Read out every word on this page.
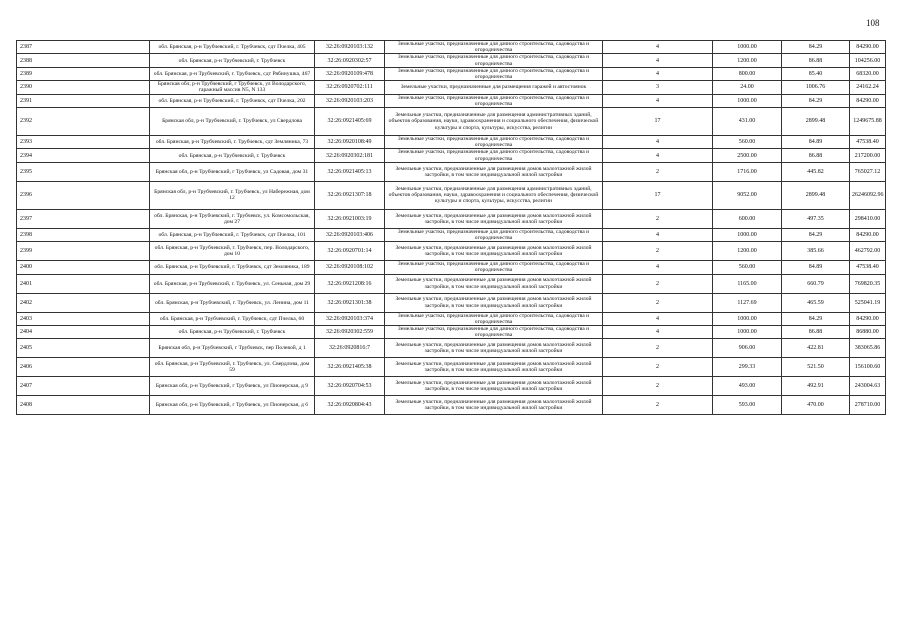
108
2387	обл. Брянская, р-н Трубчевский, г. Трубчевск, сдт Пчелка, 405	32:26:0920103:132	Земельные участки, предназначенные для дачного строительства, садоводства и огородничества	4	1000.00	84.29	84290.00
2388	обл. Брянская, р-н Трубчевский, г. Трубчевск	32:26:0920302:57	Земельные участки, предназначенные для дачного строительства, садоводства и огородничества	4	1200.00	86.88	104256.00
2389	обл. Брянская, р-н Трубчевский, г. Трубчевск, сдт Рябинушка, 467	32:26:0920109:478	Земельные участки, предназначенные для дачного строительства, садоводства и огородничества	4	800.00	85.40	68320.00
2390	Брянская обл, р-н Трубчевский, г Трубчевск, ул Володарского, гаражный массив N5, N 133	32:26:0920702:111	Земельные участки, предназначенные для размещения гаражей и автостоянок	3	24.00	1006.76	24162.24
2391	обл. Брянская, р-н Трубчевский, г. Трубчевск, сдт Пчелка, 202	32:26:0920103:203	Земельные участки, предназначенные для дачного строительства, садоводства и огородничества	4	1000.00	84.29	84290.00
2392	Брянская обл, р-н Трубчевский, г. Трубчевск, ул Свердлова	32:26:0921405:69	Земельные участки, предназначенные для размещения административных зданий, объектов образования, науки, здравоохранения и социального обеспечения, физической культуры и спорта, культуры, искусства, религии	17	431.00	2899.48	1249675.88
2393	обл. Брянская, р-н Трубчевский, г. Трубчевск, сдт Земляника, 73	32:26:0920108:49	Земельные участки, предназначенные для дачного строительства, садоводства и огородничества	4	560.00	84.89	47538.40
2394	обл. Брянская, р-н Трубчевский, г. Трубчевск	32:26:0920302:181	Земельные участки, предназначенные для дачного строительства, садоводства и огородничества	4	2500.00	86.88	217200.00
2395	Брянская обл, р-н Трубчевский, г Трубчевск, ул Садовая, дом 31	32:26:0921405:13	Земельные участки, предназначенные для размещения домов малоэтажной жилой застройки, в том числе индивидуальной жилой застройки	2	1716.00	445.82	765027.12
2396	Брянская обл, р-н Трубчевский, г. Трубчевск, ул Набережная, дом 12	32:26:0921307:18	Земельные участки, предназначенные для размещения административных зданий, объектов образования, науки, здравоохранения и социального обеспечения, физической культуры и спорта, культуры, искусства, религии	17	9052.00	2899.48	26246092.96
2397	обл. Брянская, р-н Трубчевский, г. Трубчевск, ул. Комсомольская, дом 27	32:26:0921003:19	Земельные участки, предназначенные для размещения домов малоэтажной жилой застройки, в том числе индивидуальной жилой застройки	2	600.00	497.35	298410.00
2398	обл. Брянская, р-н Трубчевский, г. Трубчевск, сдт Пчелка, 101	32:26:0920103:406	Земельные участки, предназначенные для дачного строительства, садоводства и огородничества	4	1000.00	84.29	84290.00
2399	обл. Брянская, р-н Трубчевский, г. Трубчевск, пер. Володарского, дом 10	32:26:0920701:14	Земельные участки, предназначенные для размещения домов малоэтажной жилой застройки, в том числе индивидуальной жилой застройки	2	1200.00	385.66	462792.00
2400	обл. Брянская, р-н Трубчевский, г. Трубчевск, сдт Земляника, 189	32:26:0920108:102	Земельные участки, предназначенные для дачного строительства, садоводства и огородничества	4	560.00	84.89	47538.40
2401	обл. Брянская, р-н Трубчевский, г. Трубчевск, ул. Сеньная, дом 29	32:26:0921208:16	Земельные участки, предназначенные для размещения домов малоэтажной жилой застройки, в том числе индивидуальной жилой застройки	2	1165.00	660.79	769820.35
2402	обл. Брянская, р-н Трубчевский, г. Трубчевск, ул. Ленина, дом 11	32:26:0921301:38	Земельные участки, предназначенные для размещения домов малоэтажной жилой застройки, в том числе индивидуальной жилой застройки	2	1127.69	465.59	525041.19
2403	обл. Брянская, р-н Трубчевский, г. Трубчевск, сдт Пчелка, 60	32:26:0920103:374	Земельные участки, предназначенные для дачного строительства, садоводства и огородничества	4	1000.00	84.29	84290.00
2404	обл. Брянская, р-н Трубчевский, г. Трубчевск	32:26:0920302:559	Земельные участки, предназначенные для дачного строительства, садоводства и огородничества	4	1000.00	86.88	86880.00
2405	Брянская обл, р-н Трубчевский, г Трубчевск, пер Полевой, д 1	32:26:0920816:7	Земельные участки, предназначенные для размещения домов малоэтажной жилой застройки, в том числе индивидуальной жилой застройки	2	906.00	422.81	383065.86
2406	обл. Брянская, р-н Трубчевский, г. Трубчевск, ул. Свердлова, дом 59	32:26:0921405:38	Земельные участки, предназначенные для размещения домов малоэтажной жилой застройки, в том числе индивидуальной жилой застройки	2	299.33	521.50	156100.60
2407	Брянская обл, р-н Трубчевский, г Трубчевск, ул Пионерская, д 9	32:26:0920704:53	Земельные участки, предназначенные для размещения домов малоэтажной жилой застройки, в том числе индивидуальной жилой застройки	2	493.00	492.91	243004.63
2408	Брянская обл, р-н Трубчевский, г Трубчевск, ул Пионерская, д 6	32:26:0920804:43	Земельные участки, предназначенные для размещения домов малоэтажной жилой застройки, в том числе индивидуальной жилой застройки	2	593.00	470.00	278710.00
